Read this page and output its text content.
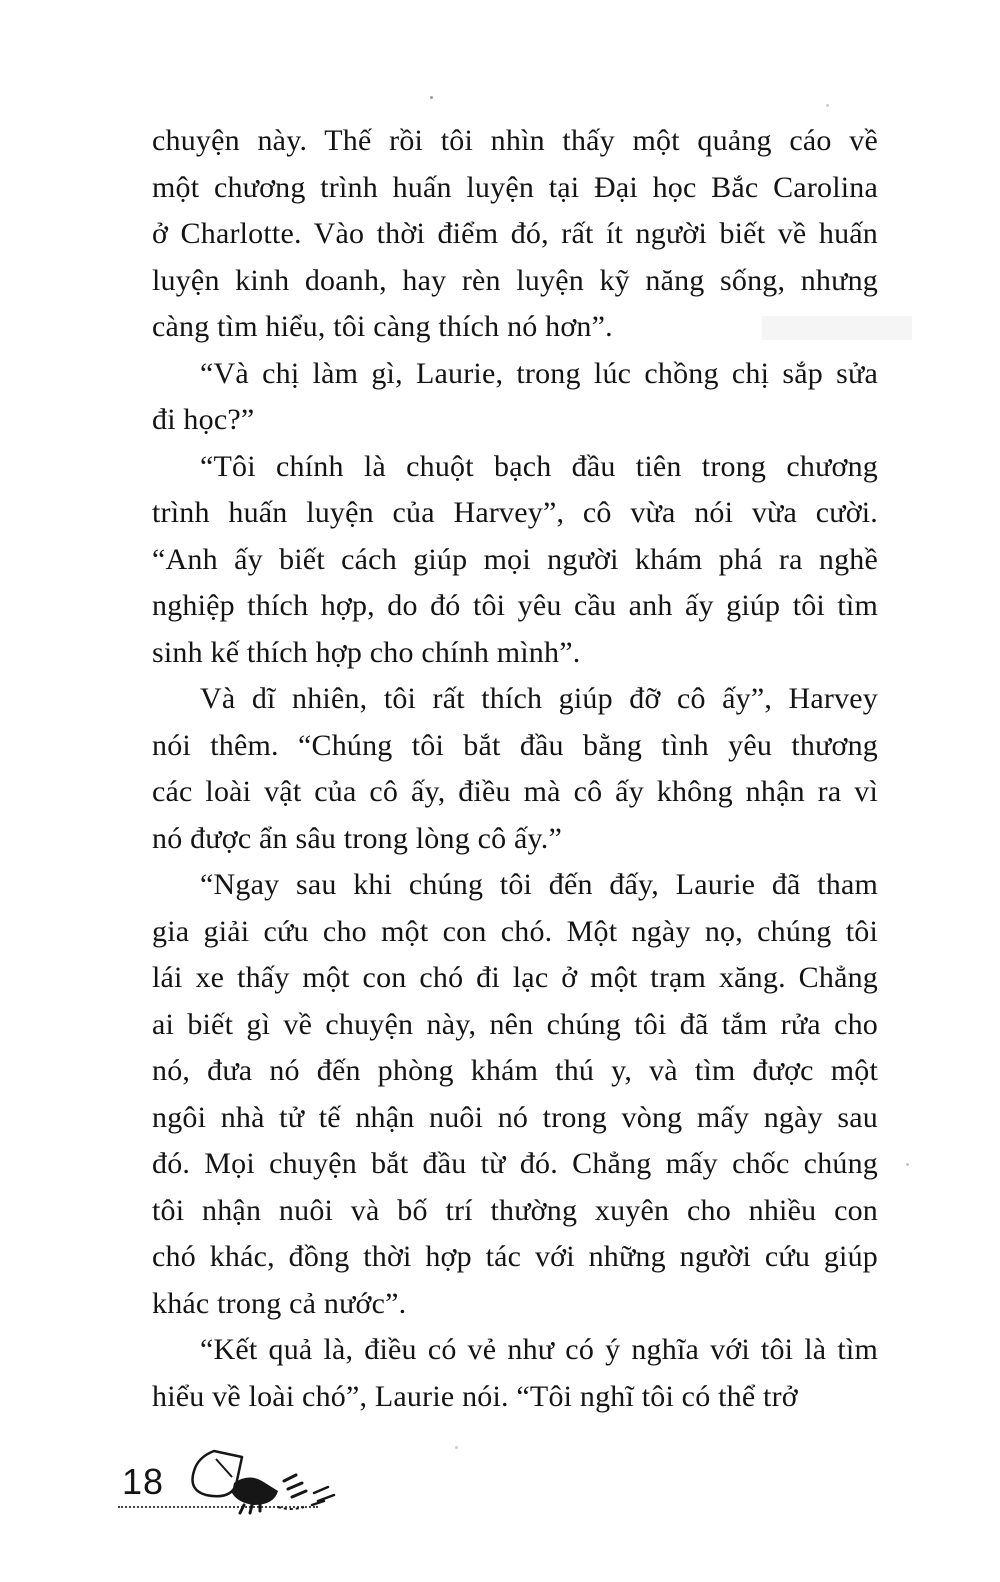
chuyện này. Thế rồi tôi nhìn thấy một quảng cáo về
một chương trình huấn luyện tại Đại học Bắc Carolina
ở Charlotte. Vào thời điểm đó, rất ít người biết về huấn
luyện kinh doanh, hay rèn luyện kỹ năng sống, nhưng
càng tìm hiểu, tôi càng thích nó hơn”.
“Và chị làm gì, Laurie, trong lúc chồng chị sắp sửa
đi học?”
“Tôi chính là chuột bạch đầu tiên trong chương
trình huấn luyện của Harvey”, cô vừa nói vừa cười.
“Anh ấy biết cách giúp mọi người khám phá ra nghề
nghiệp thích hợp, do đó tôi yêu cầu anh ấy giúp tôi tìm
sinh kế thích hợp cho chính mình”.
Và dĩ nhiên, tôi rất thích giúp đỡ cô ấy”, Harvey
nói thêm. “Chúng tôi bắt đầu bằng tình yêu thương
các loài vật của cô ấy, điều mà cô ấy không nhận ra vì
nó được ẩn sâu trong lòng cô ấy.”
“Ngay sau khi chúng tôi đến đấy, Laurie đã tham
gia giải cứu cho một con chó. Một ngày nọ, chúng tôi
lái xe thấy một con chó đi lạc ở một trạm xăng. Chẳng
ai biết gì về chuyện này, nên chúng tôi đã tắm rửa cho
nó, đưa nó đến phòng khám thú y, và tìm được một
ngôi nhà tử tế nhận nuôi nó trong vòng mấy ngày sau
đó. Mọi chuyện bắt đầu từ đó. Chẳng mấy chốc chúng
tôi nhận nuôi và bố trí thường xuyên cho nhiều con
chó khác, đồng thời hợp tác với những người cứu giúp
khác trong cả nước”.
“Kết quả là, điều có vẻ như có ý nghĩa với tôi là tìm
hiểu về loài chó”, Laurie nói. “Tôi nghĩ tôi có thể trở
18
